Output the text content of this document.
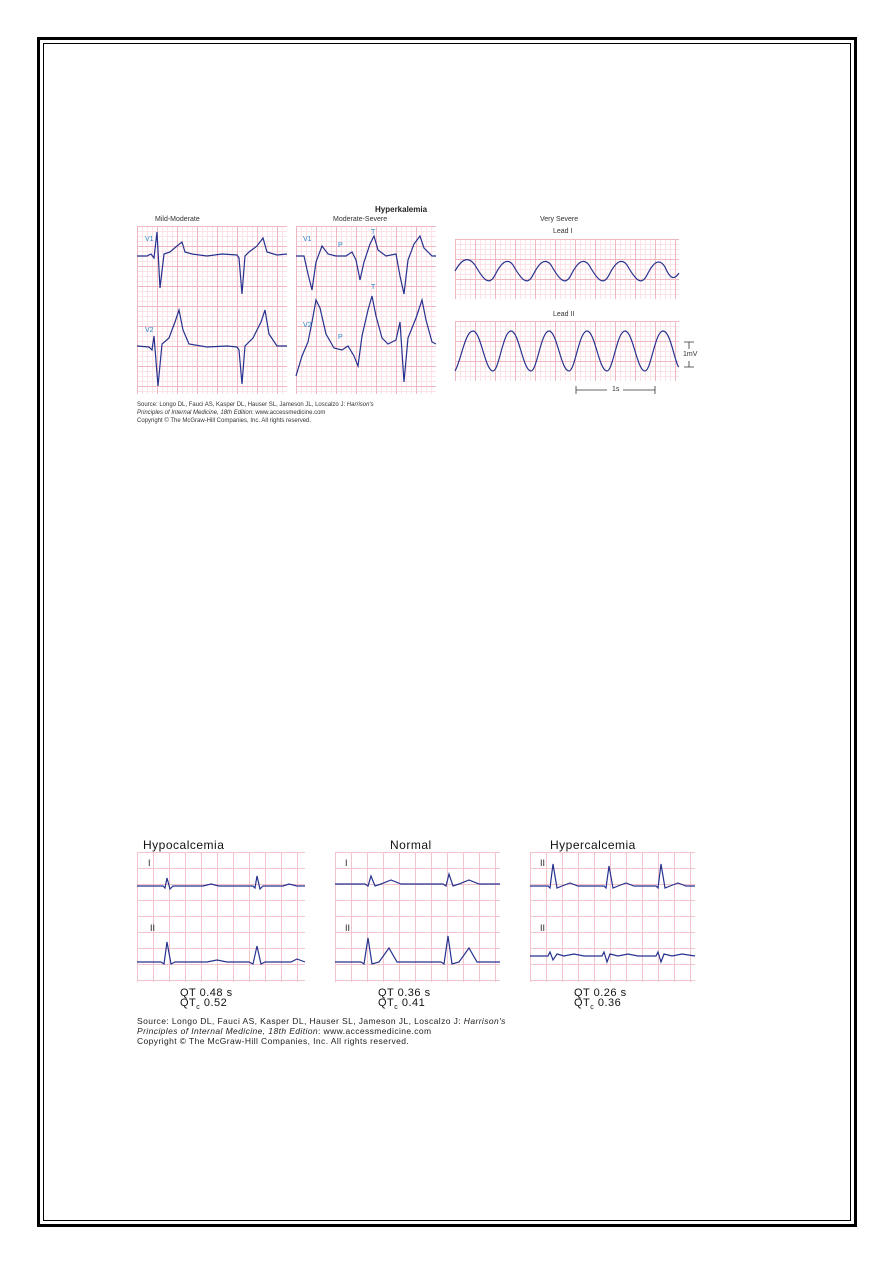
Hyperkalemia
Mild-Moderate	Moderate-Severe	Very Severe
V1
V2
V1
P
T
T
V2
P
Lead I
Lead II
1mV
1s
Source: Longo DL, Fauci AS, Kasper DL, Hauser SL, Jameson JL, Loscalzo J: Harrison's
Principles of Internal Medicine, 18th Edition: www.accessmedicine.com
Copyright © The McGraw-Hill Companies, Inc. All rights reserved.
Hypocalcemia
I
II
QT 0.48 s
$QT_c$ 0.52
Normal
I
II
QT 0.36 s
$QT_c$ 0.41
Hypercalcemia
II
II
QT 0.26 s
$QT_c$ 0.36
Source: Longo DL, Fauci AS, Kasper DL, Hauser SL, Jameson JL, Loscalzo J: Harrison's
Principles of Internal Medicine, 18th Edition: www.accessmedicine.com
Copyright © The McGraw-Hill Companies, Inc. All rights reserved.
